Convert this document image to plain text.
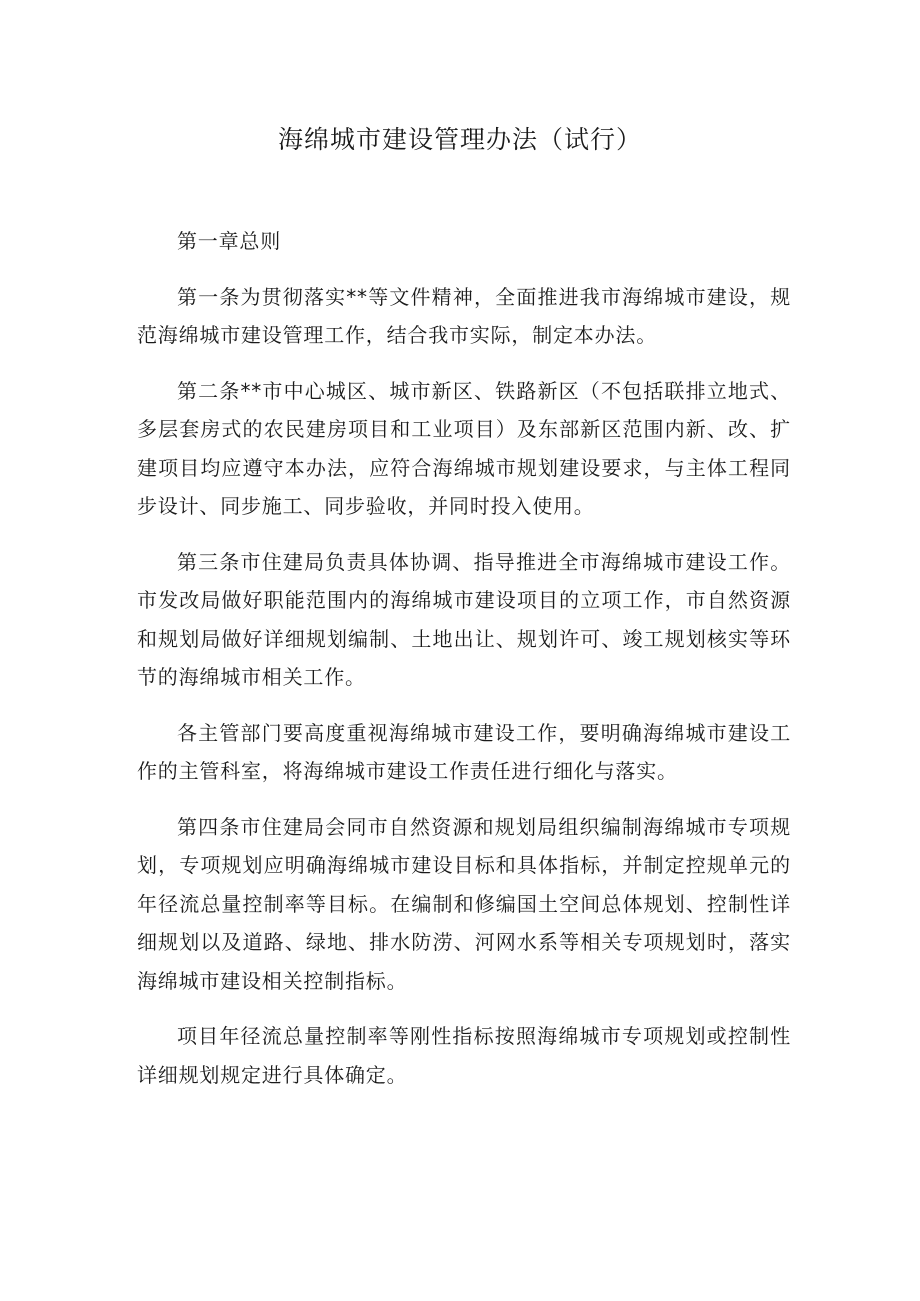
海绵城市建设管理办法（试行）

第一章总则

第一条为贯彻落实**等文件精神，全面推进我市海绵城市建设，规范海绵城市建设管理工作，结合我市实际，制定本办法。

第二条**市中心城区、城市新区、铁路新区（不包括联排立地式、多层套房式的农民建房项目和工业项目）及东部新区范围内新、改、扩建项目均应遵守本办法，应符合海绵城市规划建设要求，与主体工程同步设计、同步施工、同步验收，并同时投入使用。

第三条市住建局负责具体协调、指导推进全市海绵城市建设工作。市发改局做好职能范围内的海绵城市建设项目的立项工作，市自然资源和规划局做好详细规划编制、土地出让、规划许可、竣工规划核实等环节的海绵城市相关工作。

各主管部门要高度重视海绵城市建设工作，要明确海绵城市建设工作的主管科室，将海绵城市建设工作责任进行细化与落实。

第四条市住建局会同市自然资源和规划局组织编制海绵城市专项规划，专项规划应明确海绵城市建设目标和具体指标，并制定控规单元的年径流总量控制率等目标。在编制和修编国土空间总体规划、控制性详细规划以及道路、绿地、排水防涝、河网水系等相关专项规划时，落实海绵城市建设相关控制指标。

项目年径流总量控制率等刚性指标按照海绵城市专项规划或控制性详细规划规定进行具体确定。
